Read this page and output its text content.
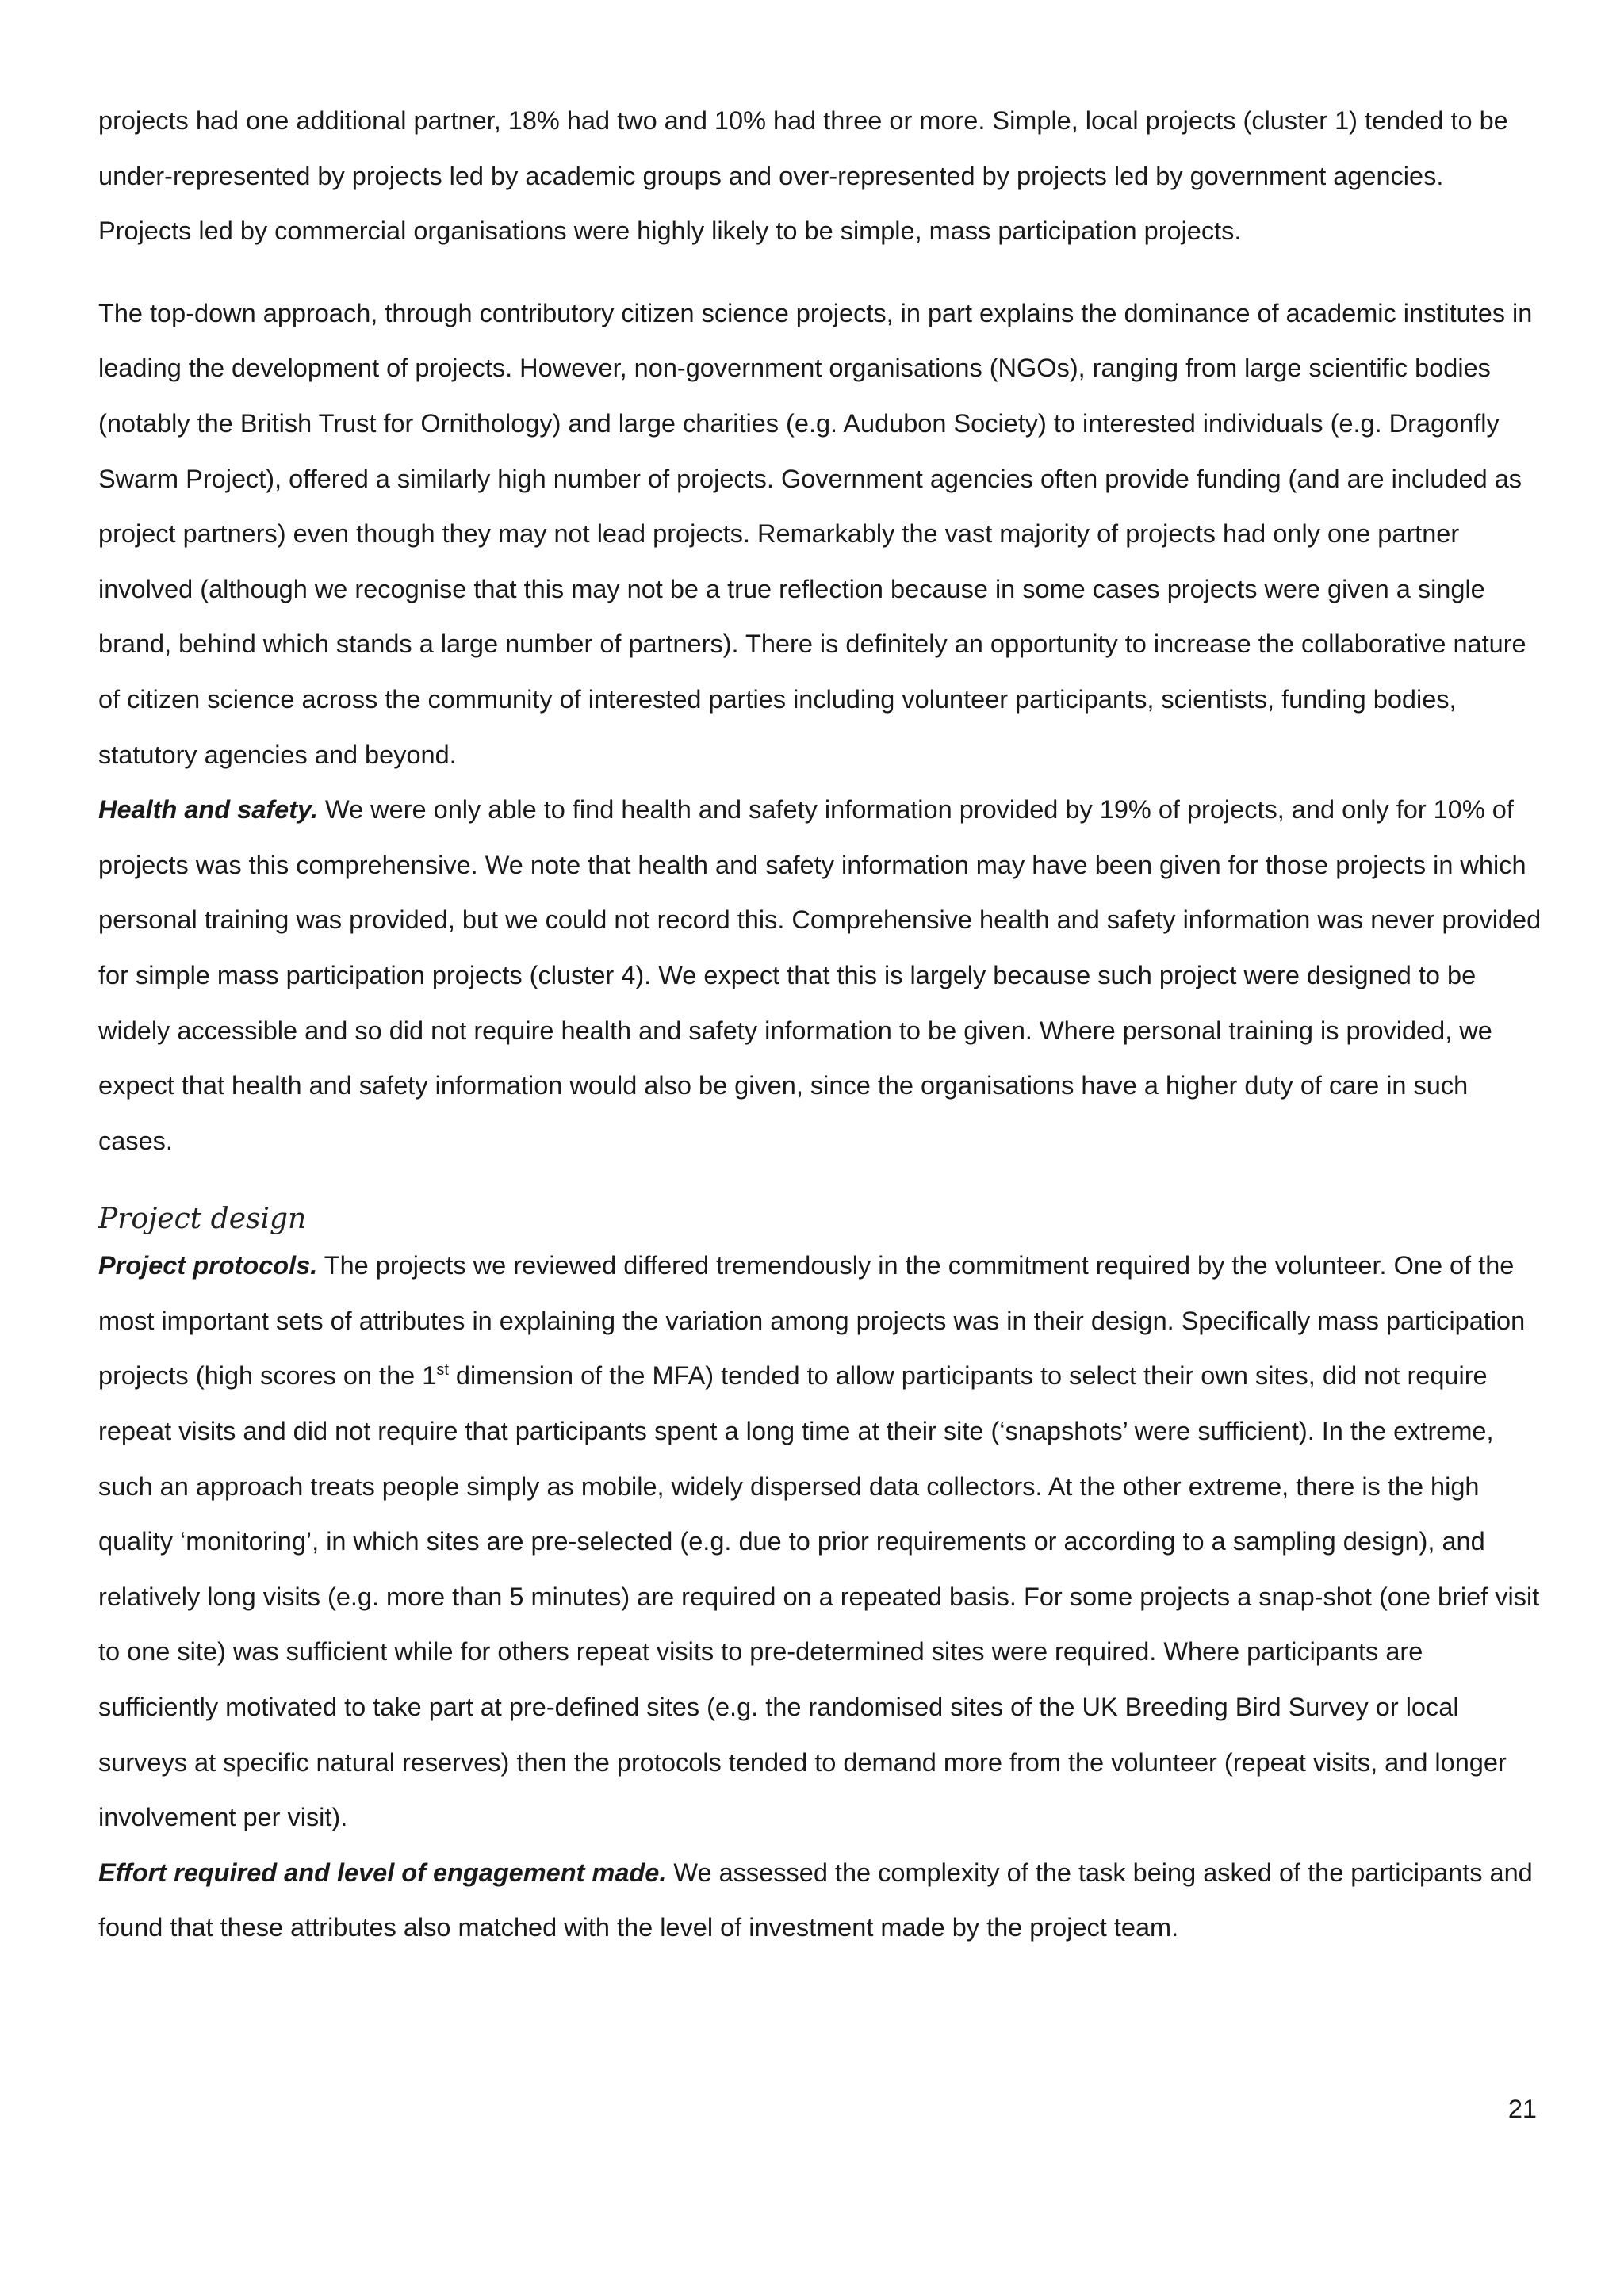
projects had one additional partner, 18% had two and 10% had three or more. Simple, local projects (cluster 1) tended to be under-represented by projects led by academic groups and over-represented by projects led by government agencies. Projects led by commercial organisations were highly likely to be simple, mass participation projects.

The top-down approach, through contributory citizen science projects, in part explains the dominance of academic institutes in leading the development of projects. However, non-government organisations (NGOs), ranging from large scientific bodies (notably the British Trust for Ornithology) and large charities (e.g. Audubon Society) to interested individuals (e.g. Dragonfly Swarm Project), offered a similarly high number of projects. Government agencies often provide funding (and are included as project partners) even though they may not lead projects. Remarkably the vast majority of projects had only one partner involved (although we recognise that this may not be a true reflection because in some cases projects were given a single brand, behind which stands a large number of partners). There is definitely an opportunity to increase the collaborative nature of citizen science across the community of interested parties including volunteer participants, scientists, funding bodies, statutory agencies and beyond.

Health and safety. We were only able to find health and safety information provided by 19% of projects, and only for 10% of projects was this comprehensive. We note that health and safety information may have been given for those projects in which personal training was provided, but we could not record this. Comprehensive health and safety information was never provided for simple mass participation projects (cluster 4). We expect that this is largely because such project were designed to be widely accessible and so did not require health and safety information to be given. Where personal training is provided, we expect that health and safety information would also be given, since the organisations have a higher duty of care in such cases.

Project design

Project protocols. The projects we reviewed differed tremendously in the commitment required by the volunteer. One of the most important sets of attributes in explaining the variation among projects was in their design. Specifically mass participation projects (high scores on the 1st dimension of the MFA) tended to allow participants to select their own sites, did not require repeat visits and did not require that participants spent a long time at their site (‘snapshots’ were sufficient). In the extreme, such an approach treats people simply as mobile, widely dispersed data collectors. At the other extreme, there is the high quality ‘monitoring’, in which sites are pre-selected (e.g. due to prior requirements or according to a sampling design), and relatively long visits (e.g. more than 5 minutes) are required on a repeated basis. For some projects a snap-shot (one brief visit to one site) was sufficient while for others repeat visits to pre-determined sites were required. Where participants are sufficiently motivated to take part at pre-defined sites (e.g. the randomised sites of the UK Breeding Bird Survey or local surveys at specific natural reserves) then the protocols tended to demand more from the volunteer (repeat visits, and longer involvement per visit).

Effort required and level of engagement made. We assessed the complexity of the task being asked of the participants and found that these attributes also matched with the level of investment made by the project team.

21
